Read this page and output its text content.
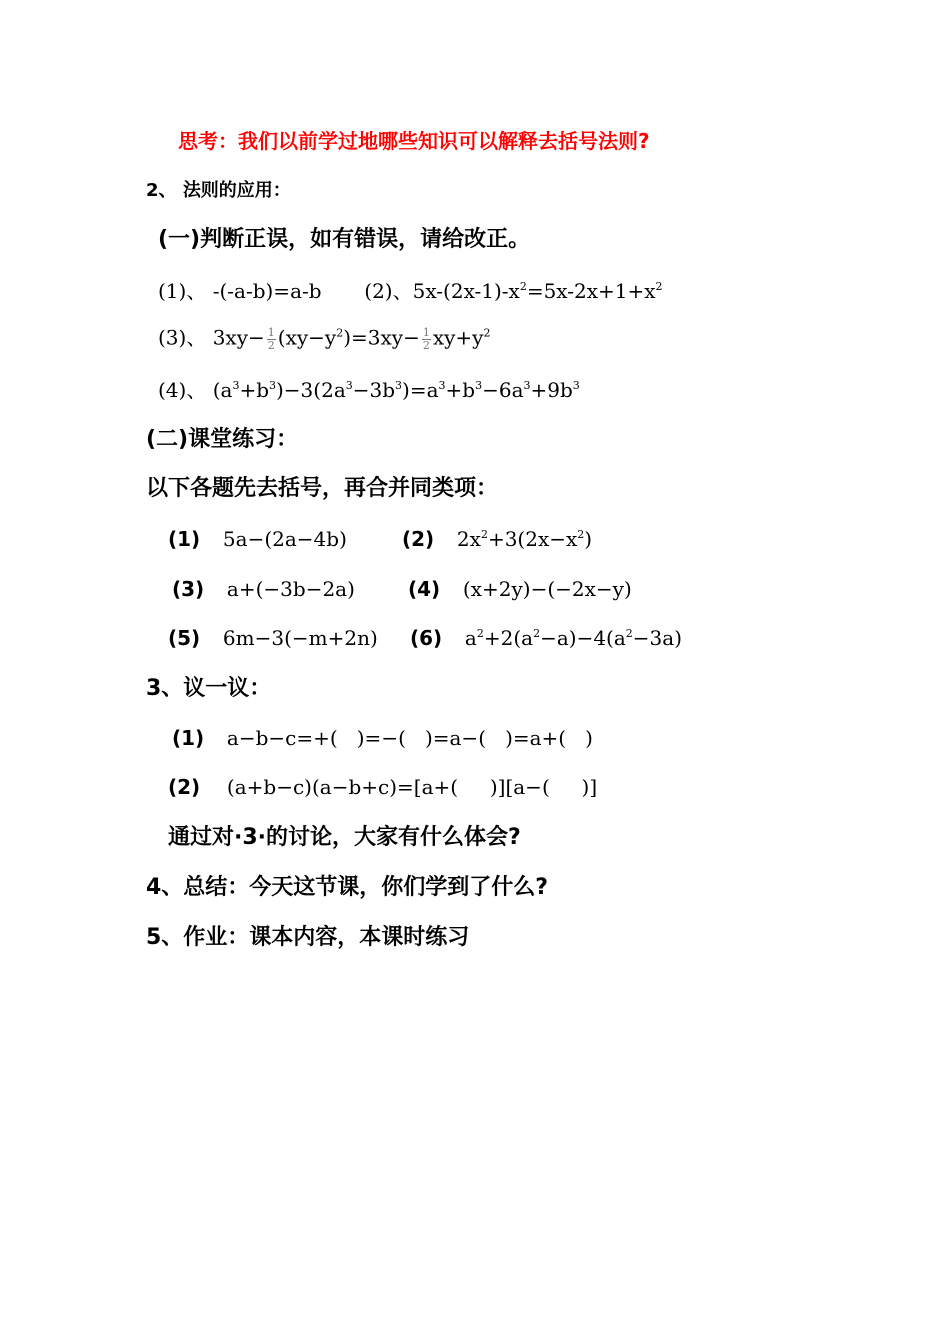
思考：我们以前学过地哪些知识可以解释去括号法则?
2、 法则的应用：
(一)判断正误，如有错误，请给改正。
(1)、 -(-a-b)=a-b (2)、$5x-(2x-1)-x^2=5x-2x+1+x^2$
(3)、 $3xy- \frac{1}{2} (xy-y^2)=3xy- \frac{1}{2} xy+y^2$
(4)、 $(a^3+b^3)-3(2a^3-3b^3)=a^3+b^3-6a^3+9b^3$
(二)课堂练习：
以下各题先去括号，再合并同类项：
(1) 5a−(2a−4b)	(2) $2x^2+3(2x-x^2)$
(3) a+(−3b−2a)	(4) (x+2y)−(−2x−y)
(5) 6m−3(−m+2n) (6) $a^2+2(a^2-a)-4(a^2-3a)$
3、议一议：
(1) a−b−c=+(   )=−(   )=a−(   )=a+(   )
(2) (a+b−c)(a−b+c)=[a+(     )][a−(     )]
通过对·3·的讨论，大家有什么体会?
4、总结：今天这节课，你们学到了什么?
5、作业：课本内容，本课时练习
